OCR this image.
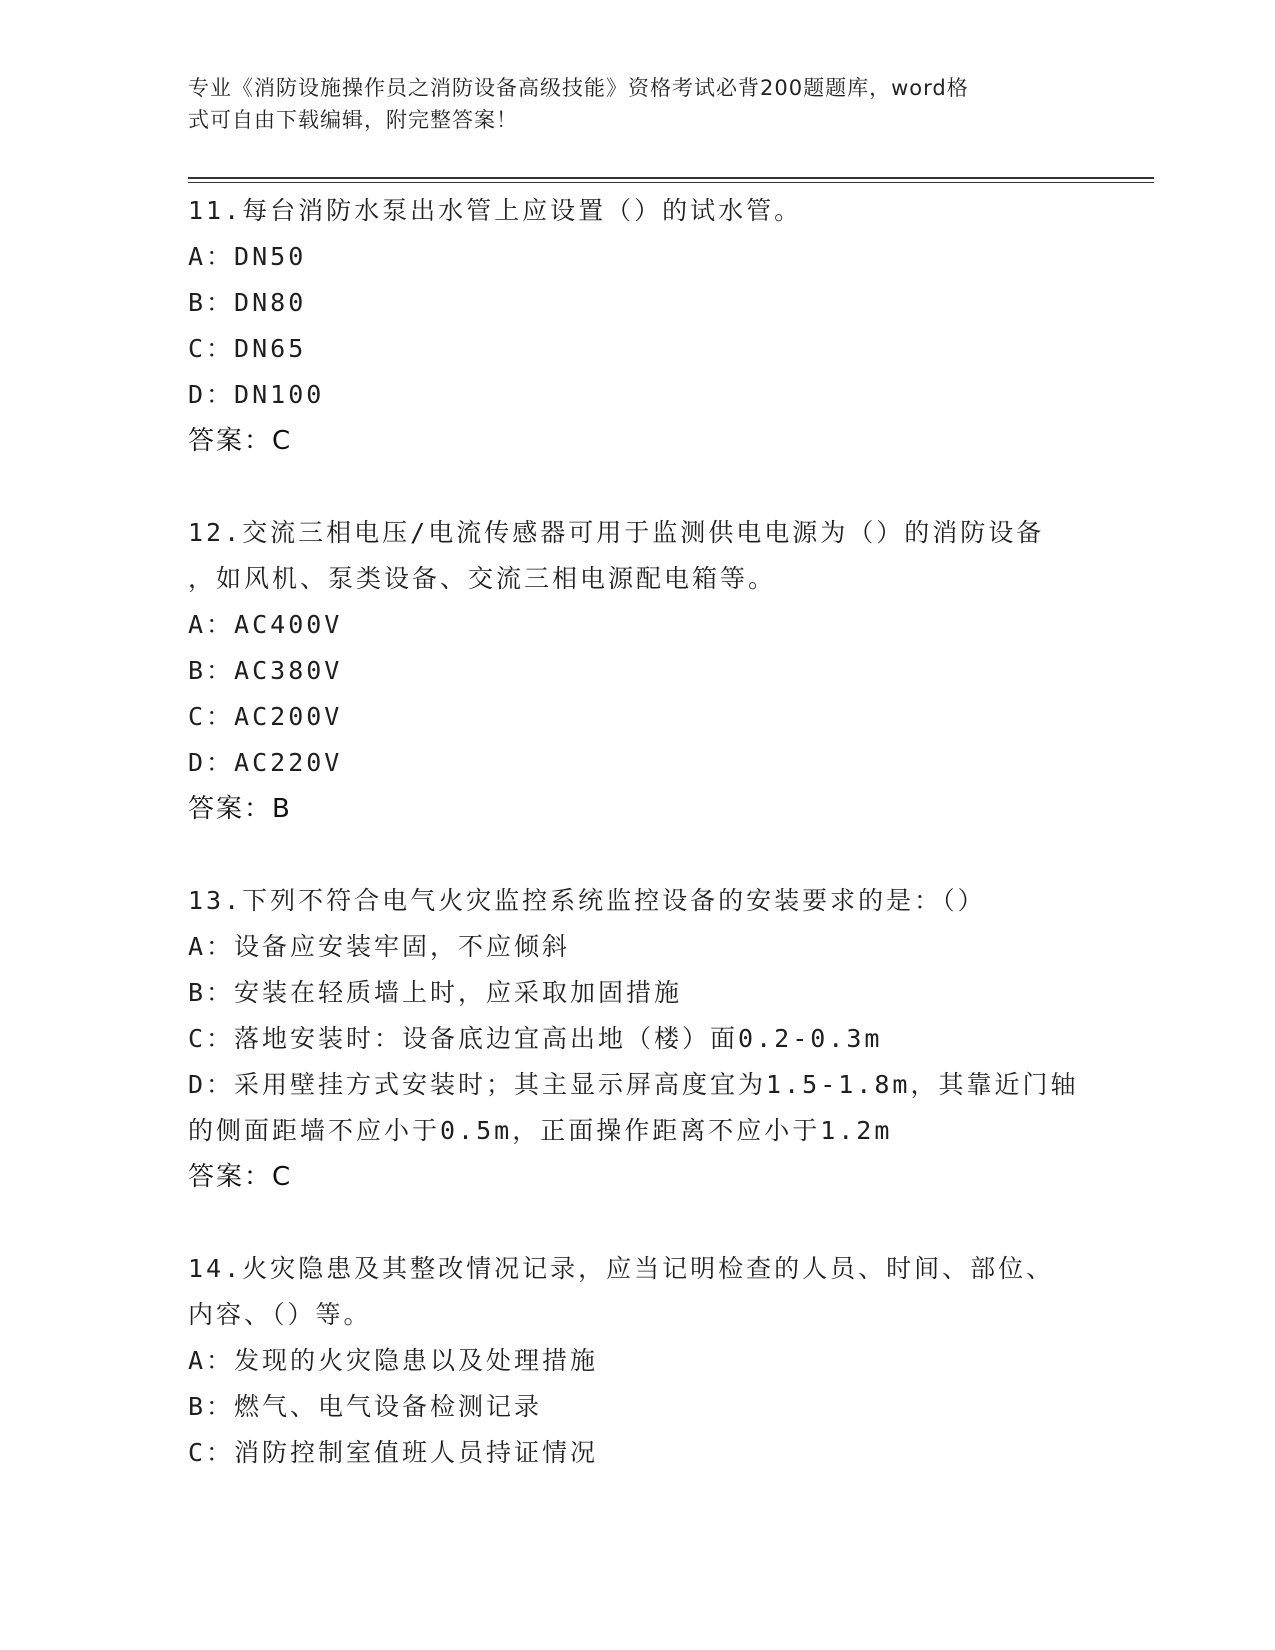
专业《消防设施操作员之消防设备高级技能》资格考试必背200题题库，word格
式可自由下载编辑，附完整答案！

11.每台消防水泵出水管上应设置（）的试水管。

A：DN50

B：DN80

C：DN65

D：DN100

答案：C

12.交流三相电压/电流传感器可用于监测供电电源为（）的消防设备

，如风机、泵类设备、交流三相电源配电箱等。

A：AC400V

B：AC380V

C：AC200V

D：AC220V

答案：B

13.下列不符合电气火灾监控系统监控设备的安装要求的是：（）

A：设备应安装牢固，不应倾斜

B：安装在轻质墙上时，应采取加固措施

C：落地安装时：设备底边宜高出地（楼）面0.2-0.3m

D：采用壁挂方式安装时；其主显示屏高度宜为1.5-1.8m，其靠近门轴

的侧面距墙不应小于0.5m，正面操作距离不应小于1.2m

答案：C

14.火灾隐患及其整改情况记录，应当记明检查的人员、时间、部位、

内容、（）等。

A：发现的火灾隐患以及处理措施

B：燃气、电气设备检测记录

C：消防控制室值班人员持证情况
